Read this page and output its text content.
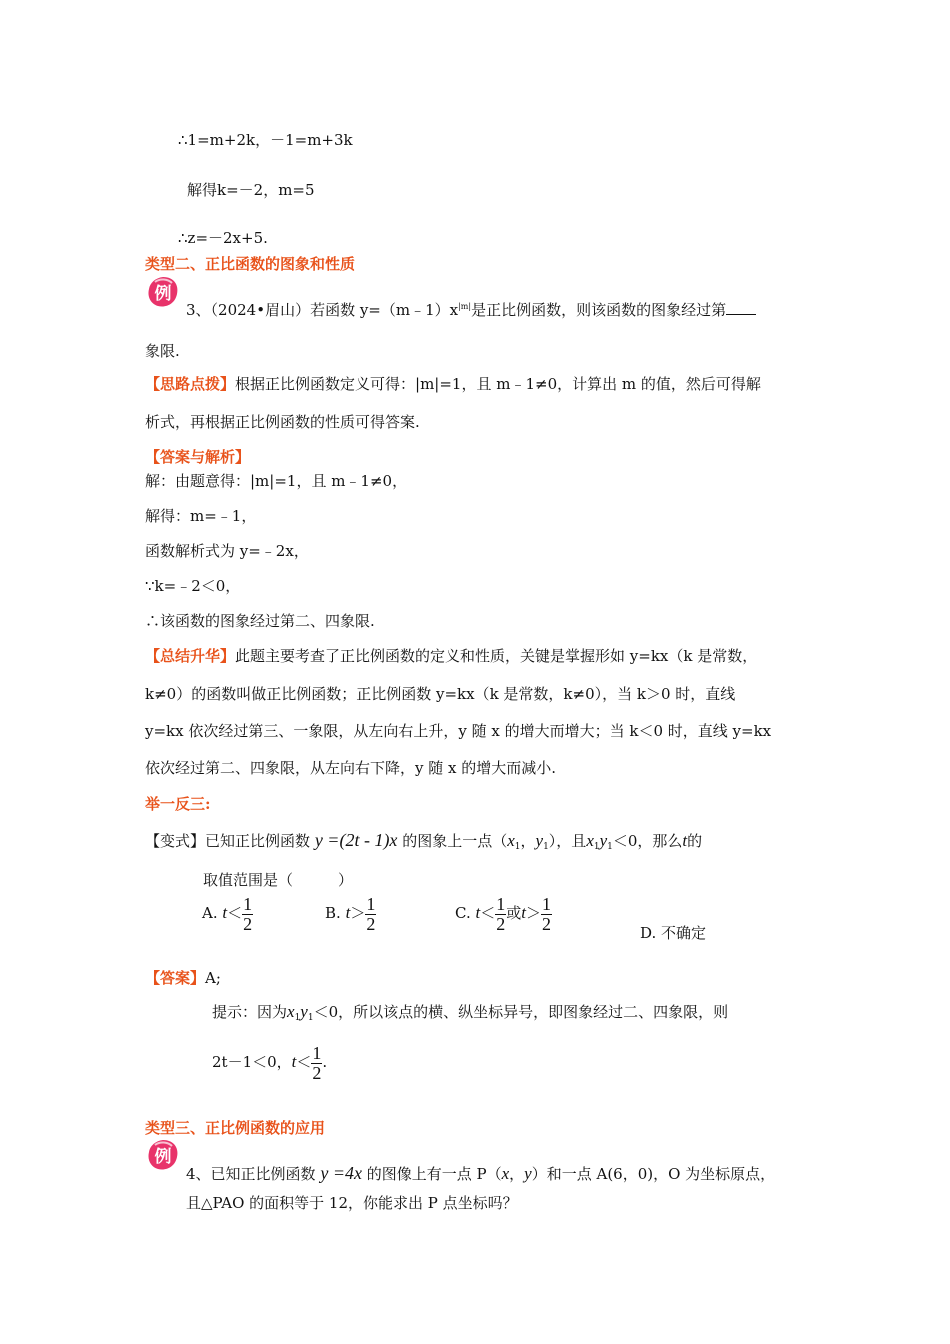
∴1=m+2k，－1=m+3k
解得k=－2，m=5
∴z=－2x+5.
类型二、正比函数的图象和性质
例
3、（2024•眉山）若函数 $y=(m﹣1)x^{|m|}$是正比例函数，则该函数的图象经过第
象限.
【思路点拨】根据正比例函数定义可得：|m|=1，且 m﹣1≠0，计算出 m 的值，然后可得解
析式，再根据正比例函数的性质可得答案.
【答案与解析】
解：由题意得：|m|=1，且 m﹣1≠0，
解得：m=﹣1，
函数解析式为 y=﹣2x，
∵k=﹣2＜0，
∴该函数的图象经过第二、四象限.
【总结升华】此题主要考查了正比例函数的定义和性质，关键是掌握形如 y=kx（k 是常数，
k≠0）的函数叫做正比例函数；正比例函数 y=kx（k 是常数，k≠0），当 k＞0 时，直线
y=kx 依次经过第三、一象限，从左向右上升，y 随 x 的增大而增大；当 k＜0 时，直线 y=kx
依次经过第二、四象限，从左向右下降，y 随 x 的增大而减小.
举一反三:
【变式】已知正比例函数 y =(2t - 1)x 的图象上一点（$x_1$，$y_1$），且$x_1y_1<0$，那么t的
取值范围是（　　　）
A. $t< \frac{1}{2}$	B. $t> \frac{1}{2}$	C. $t< \frac{1}{2}$ 或$t> \frac{1}{2}$	D. 不确定
【答案】A;
提示：因为$x_1y_1<0$，所以该点的横、纵坐标异号，即图象经过二、四象限，则
2t－1＜0，$t< \frac{1}{2}$ .
类型三、正比例函数的应用
例
4、已知正比例函数 y =4x 的图像上有一点 P（x，y）和一点 A(6，0)，O 为坐标原点，
且△PAO 的面积等于 12，你能求出 P 点坐标吗？
